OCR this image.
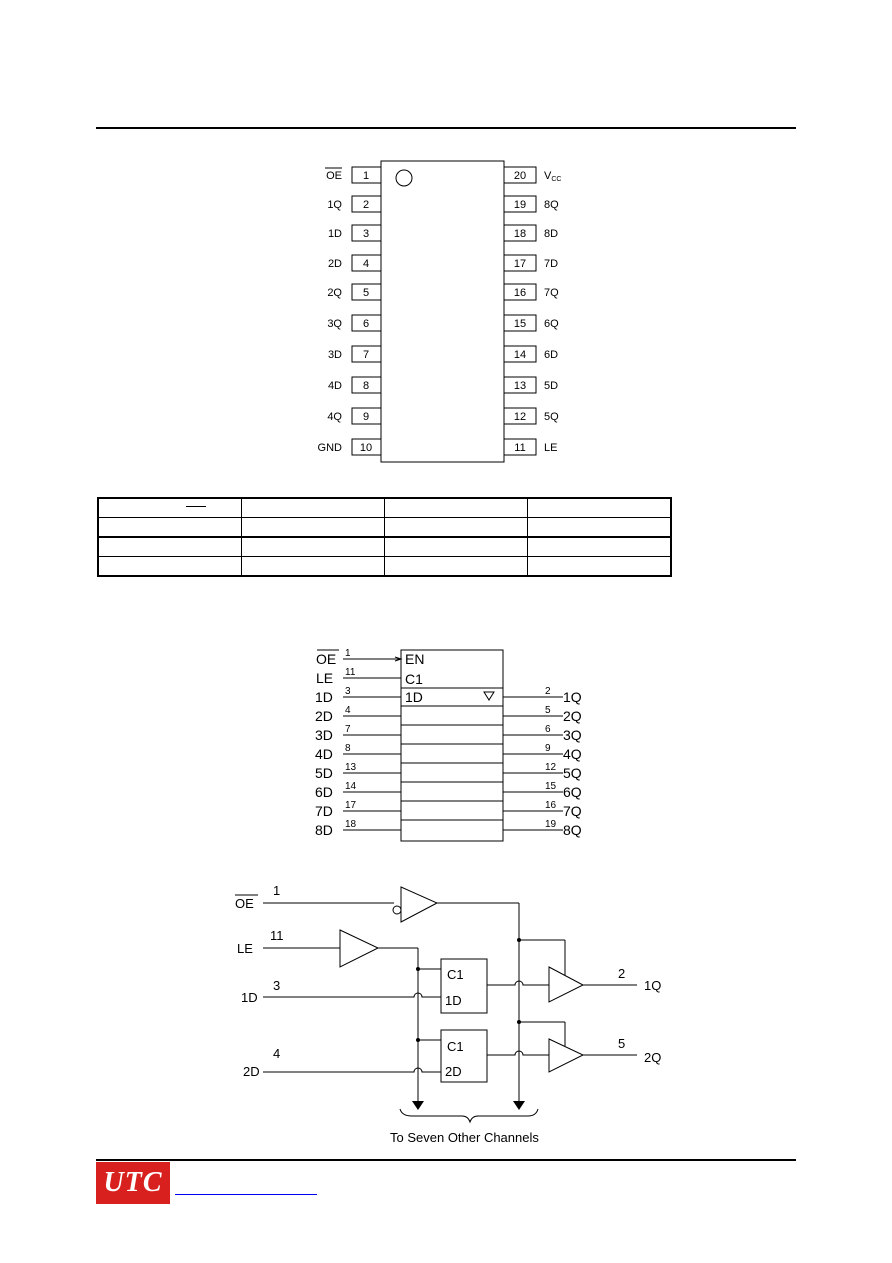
1
OE
2
1Q
3
1D
4
2D
5
2Q
6
3Q
7
3D
8
4D
9
4Q
10
GND
20 VCC
19 8Q
18 8D
17 7D
16 7Q
15 6Q
14 6D
13 5D
12 5Q
11 LE

EN
C1
1D
OE 1
LE 11
1D 3
2D 4
3D 7
4D 8
5D 13
6D 14
7D 17
8D 18
2 1Q
5 2Q
6 3Q
9 4Q
12 5Q
15 6Q
16 7Q
19 8Q
1
OE
11
LE
C1
1D
C1
2D
3
1D
4
2D
2
1Q
5
2Q
To Seven Other Channels
UTC
